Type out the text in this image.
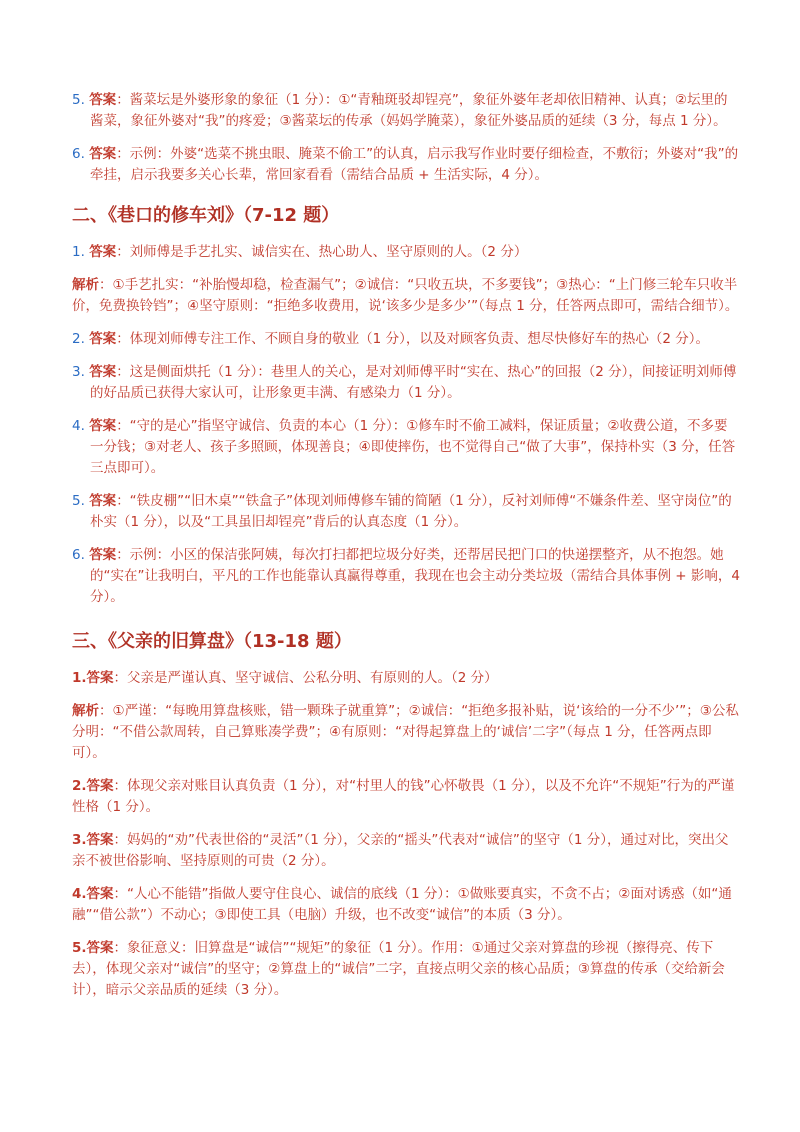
5. 答案：酱菜坛是外婆形象的象征（1 分）：①“青釉斑驳却锃亮”，象征外婆年老却依旧精神、认真；②坛里的酱菜，象征外婆对“我”的疼爱；③酱菜坛的传承（妈妈学腌菜），象征外婆品质的延续（3 分，每点 1 分）。

6. 答案：示例：外婆“选菜不挑虫眼、腌菜不偷工”的认真，启示我写作业时要仔细检查，不敷衍；外婆对“我”的牵挂，启示我要多关心长辈，常回家看看（需结合品质 + 生活实际，4 分）。

二、《巷口的修车刘》（7-12 题）

1. 答案：刘师傅是手艺扎实、诚信实在、热心助人、坚守原则的人。（2 分）

解析：①手艺扎实：“补胎慢却稳，检查漏气”；②诚信：“只收五块，不多要钱”；③热心：“上门修三轮车只收半价，免费换铃铛”；④坚守原则：“拒绝多收费用，说‘该多少是多少’”（每点 1 分，任答两点即可，需结合细节）。

2. 答案：体现刘师傅专注工作、不顾自身的敬业（1 分），以及对顾客负责、想尽快修好车的热心（2 分）。

3. 答案：这是侧面烘托（1 分）：巷里人的关心，是对刘师傅平时“实在、热心”的回报（2 分），间接证明刘师傅的好品质已获得大家认可，让形象更丰满、有感染力（1 分）。

4. 答案：“守的是心”指坚守诚信、负责的本心（1 分）：①修车时不偷工减料，保证质量；②收费公道，不多要一分钱；③对老人、孩子多照顾，体现善良；④即使摔伤，也不觉得自己“做了大事”，保持朴实（3 分，任答三点即可）。

5. 答案：“铁皮棚”“旧木桌”“铁盒子”体现刘师傅修车铺的简陋（1 分），反衬刘师傅“不嫌条件差、坚守岗位”的朴实（1 分），以及“工具虽旧却锃亮”背后的认真态度（1 分）。

6. 答案：示例：小区的保洁张阿姨，每次打扫都把垃圾分好类，还帮居民把门口的快递摆整齐，从不抱怨。她的“实在”让我明白，平凡的工作也能靠认真赢得尊重，我现在也会主动分类垃圾（需结合具体事例 + 影响，4 分）。

三、《父亲的旧算盘》（13-18 题）

1.答案：父亲是严谨认真、坚守诚信、公私分明、有原则的人。（2 分）

解析：①严谨：“每晚用算盘核账，错一颗珠子就重算”；②诚信：“拒绝多报补贴，说‘该给的一分不少’”；③公私分明：“不借公款周转，自己算账凑学费”；④有原则：“对得起算盘上的‘诚信’二字”（每点 1 分，任答两点即可）。

2.答案：体现父亲对账目认真负责（1 分），对“村里人的钱”心怀敬畏（1 分），以及不允许“不规矩”行为的严谨性格（1 分）。

3.答案：妈妈的“劝”代表世俗的“灵活”（1 分），父亲的“摇头”代表对“诚信”的坚守（1 分），通过对比，突出父亲不被世俗影响、坚持原则的可贵（2 分）。

4.答案：“人心不能错”指做人要守住良心、诚信的底线（1 分）：①做账要真实，不贪不占；②面对诱惑（如“通融”“借公款”）不动心；③即使工具（电脑）升级，也不改变“诚信”的本质（3 分）。

5.答案：象征意义：旧算盘是“诚信”“规矩”的象征（1 分）。作用：①通过父亲对算盘的珍视（擦得亮、传下去），体现父亲对“诚信”的坚守；②算盘上的“诚信”二字，直接点明父亲的核心品质；③算盘的传承（交给新会计），暗示父亲品质的延续（3 分）。
